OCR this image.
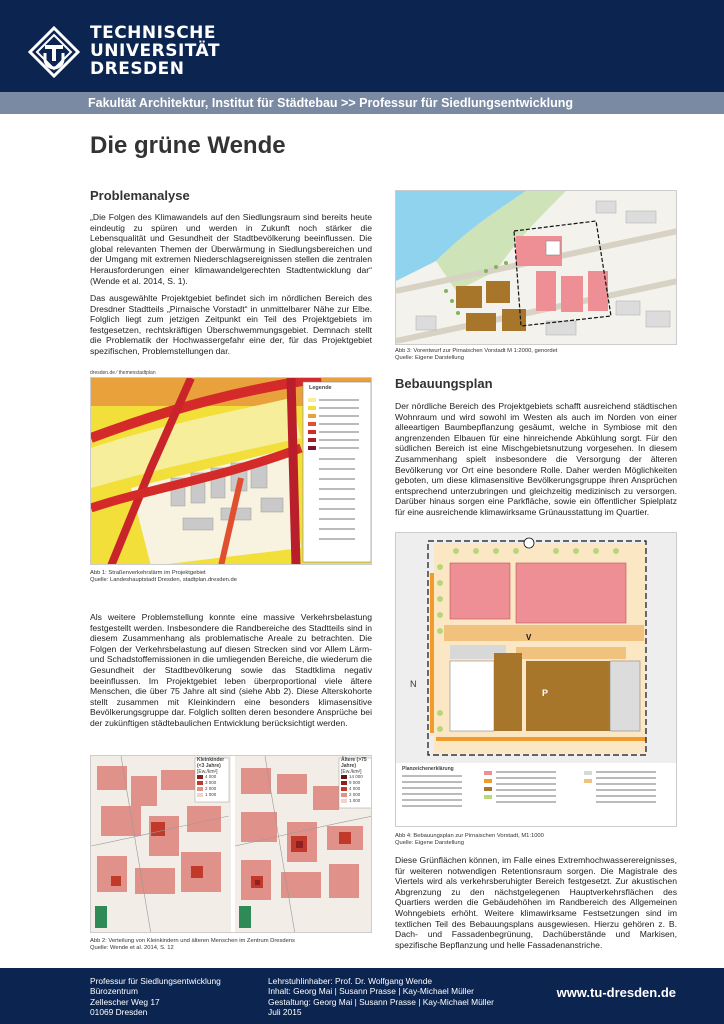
TECHNISCHE
UNIVERSITÄT
DRESDEN
Fakultät Architektur, Institut für Städtebau >> Professur für Siedlungsentwicklung
Die grüne Wende
Problemanalyse
„Die Folgen des Klimawandels auf den Siedlungsraum sind bereits heute eindeutig zu spüren und werden in Zukunft noch stärker die Lebensqualität und Gesundheit der Stadtbevölkerung beeinflussen. Die global relevanten Themen der Überwärmung in Siedlungsbereichen und der Umgang mit extremen Niederschlagsereignissen stellen die zentralen Herausforderungen einer klimawandelgerechten Stadtentwicklung dar“ (Wende et al. 2014, S. 1).
Das ausgewählte Projektgebiet befindet sich im nördlichen Bereich des Dresdner Stadtteils „Pirnaische Vorstadt“ in unmittelbarer Nähe zur Elbe. Folglich liegt zum jetzigen Zeitpunkt ein Teil des Projektgebiets im festgesetzen, rechtskräftigen Überschwemmungsgebiet. Demnach stellt die Problematik der Hochwassergefahr eine der, für das Projektgebiet spezifischen, Problemstellungen dar.
dresden.de ⁄ themenstadtplan
Legende
Abb 1: Straßenverkehrslärm im Projektgebiet
Quelle: Landeshauptstadt Dresden, stadtplan.dresden.de
Als weitere Problemstellung konnte eine massive Verkehrsbelastung festgestellt werden. Insbesondere die Randbereiche des Stadtteils sind in diesem Zusammenhang als problematische Areale zu betrachten. Die Folgen der Verkehrsbelastung auf diesen Strecken sind vor Allem Lärm- und Schadstoffemissionen in die umliegenden Bereiche, die wiederum die Gesundheit der Stadtbevölkerung sowie das Stadtklima negativ beeinflussen. Im Projektgebiet leben überproportional viele ältere Menschen, die über 75 Jahre alt sind (siehe Abb 2). Diese Alterskohorte stellt zusammen mit Kleinkindern eine besonders klimasensitive Bevölkerungsgruppe dar. Folglich sollten deren besondere Ansprüche bei der zukünftigen städtebaulichen Entwicklung berücksichtigt werden.
Kleinkinder (<3 Jahre)
[Ew./km²]
4 000
3 000
2 000
1 000
Ältere (>75 Jahre)
[Ew./km²]
14 000
9 000
4 000
2 000
1 000
Abb 2: Verteilung von Kleinkindern und älteren Menschen im Zentrum Dresdens
Quelle: Wende et al. 2014, S. 12
Abb 3: Vorentwurf zur Pirnaischen Vorstadt M 1:2000, genordet
Quelle: Eigene Darstellung
Bebauungsplan
Der nördliche Bereich des Projektgebiets schafft ausreichend städtischen Wohnraum und wird sowohl im Westen als auch im Norden von einer alleeartigen Baumbepflanzung gesäumt, welche in Symbiose mit den angrenzenden Elbauen für eine hinreichende Abkühlung sorgt. Für den südlichen Bereich ist eine Mischgebietsnutzung vorgesehen. In diesem Zusammenhang spielt insbesondere die Versorgung der älteren Bevölkerung vor Ort eine besondere Rolle. Daher werden Möglichkeiten geboten, um diese klimasensitive Bevölkerungsgruppe ihren Ansprüchen entsprechend unterzubringen und gleichzeitig medizinisch zu versorgen. Darüber hinaus sorgen eine Parkfläche, sowie ein öffentlicher Spielplatz für eine ausreichende klimawirksame Grünausstattung im Quartier.
Planzeichenerklärung
N
P
V
Abb 4: Bebauungsplan zur Pirnaischen Vorstadt, M1:1000
Quelle: Eigene Darstellung
Diese Grünflächen können, im Falle eines Extremhochwasserereignisses, für weiteren notwendigen Retentionsraum sorgen. Die Magistrale des Viertels wird als verkehrsberuhigter Bereich festgesetzt. Zur akustischen Abgrenzung zu den nächstgelegenen Hauptverkehrsflächen des Quartiers werden die Gebäudehöhen im Randbereich des Allgemeinen Wohngebiets erhöht. Weitere klimawirksame Festsetzungen sind im textlichen Teil des Bebauungsplans ausgewiesen. Hierzu gehören z. B. Dach- und Fassadenbegrünung, Dachüberstände und Markisen, spezifische Bepflanzung und helle Fassadenanstriche.
Professur für Siedlungsentwicklung
Bürozentrum
Zellescher Weg 17
01069 Dresden
Lehrstuhlinhaber: Prof. Dr. Wolfgang Wende
Inhalt: Georg Mai | Susann Prasse | Kay-Michael Müller
Gestaltung: Georg Mai | Susann Prasse | Kay-Michael Müller
Juli 2015
www.tu-dresden.de
